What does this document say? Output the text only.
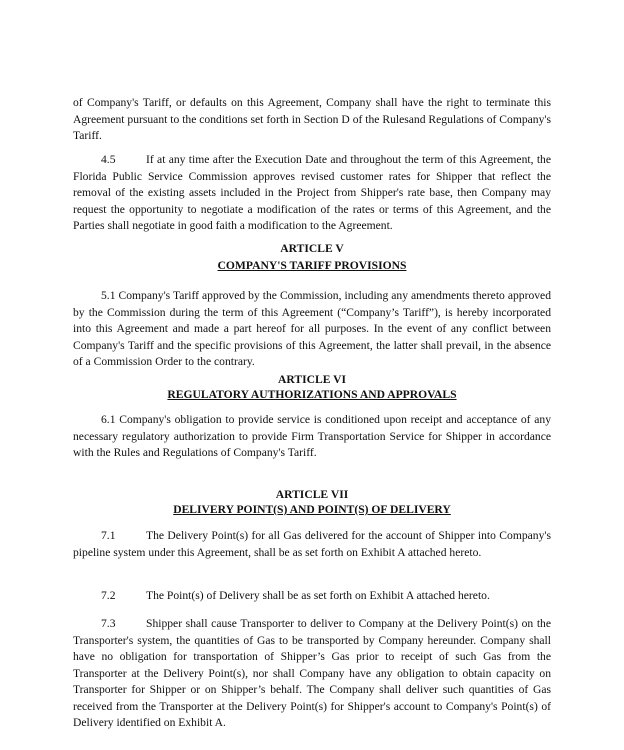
of Company's Tariff, or defaults on this Agreement, Company shall have the right to terminate this Agreement pursuant to the conditions set forth in Section D of the Rulesand Regulations of Company's Tariff.

4.5	If at any time after the Execution Date and throughout the term of this Agreement, the Florida Public Service Commission approves revised customer rates for Shipper that reflect the removal of the existing assets included in the Project from Shipper's rate base, then Company may request the opportunity to negotiate a modification of the rates or terms of this Agreement, and the Parties shall negotiate in good faith a modification to the Agreement.

ARTICLE V

COMPANY'S TARIFF PROVISIONS

5.1 Company's Tariff approved by the Commission, including any amendments thereto approved by the Commission during the term of this Agreement (“Company’s Tariff”), is hereby incorporated into this Agreement and made a part hereof for all purposes. In the event of any conflict between Company's Tariff and the specific provisions of this Agreement, the latter shall prevail, in the absence of a Commission Order to the contrary.

ARTICLE VI

REGULATORY AUTHORIZATIONS AND APPROVALS

6.1 Company's obligation to provide service is conditioned upon receipt and acceptance of any necessary regulatory authorization to provide Firm Transportation Service for Shipper in accordance with the Rules and Regulations of Company's Tariff.

ARTICLE VII

DELIVERY POINT(S) AND POINT(S) OF DELIVERY

7.1	The Delivery Point(s) for all Gas delivered for the account of Shipper into Company's pipeline system under this Agreement, shall be as set forth on Exhibit A attached hereto.

7.2	The Point(s) of Delivery shall be as set forth on Exhibit A attached hereto.

7.3	Shipper shall cause Transporter to deliver to Company at the Delivery Point(s) on the Transporter's system, the quantities of Gas to be transported by Company hereunder. Company shall have no obligation for transportation of Shipper’s Gas prior to receipt of such Gas from the Transporter at the Delivery Point(s), nor shall Company have any obligation to obtain capacity on Transporter for Shipper or on Shipper’s behalf. The Company shall deliver such quantities of Gas received from the Transporter at the Delivery Point(s) for Shipper's account to Company's Point(s) of Delivery identified on Exhibit A.
